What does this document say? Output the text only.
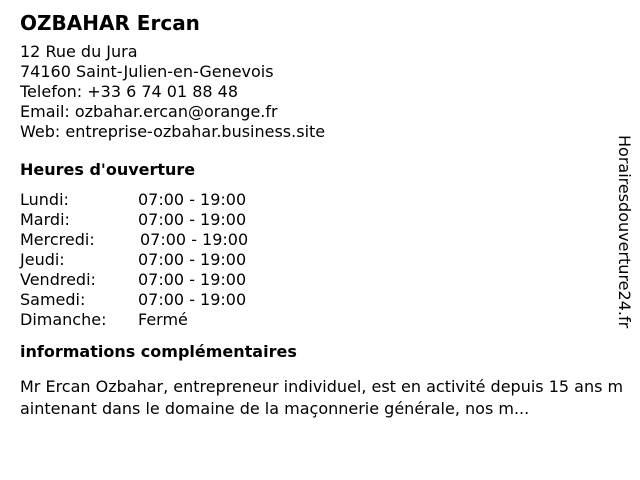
OZBAHAR Ercan
12 Rue du Jura
74160 Saint-Julien-en-Genevois
Telefon: +33 6 74 01 88 48
Email: ozbahar.ercan@orange.fr
Web: entreprise-ozbahar.business.site
Heures d'ouverture
Lundi:	07:00 - 19:00
Mardi:	07:00 - 19:00
Mercredi:	07:00 - 19:00
Jeudi:	07:00 - 19:00
Vendredi:	07:00 - 19:00
Samedi:	07:00 - 19:00
Dimanche:	Fermé
informations complémentaires
Mr Ercan Ozbahar, entrepreneur individuel, est en activité depuis 15 ans maintenant dans le domaine de la maçonnerie générale, nos m...
Horairesdouverture24.fr
